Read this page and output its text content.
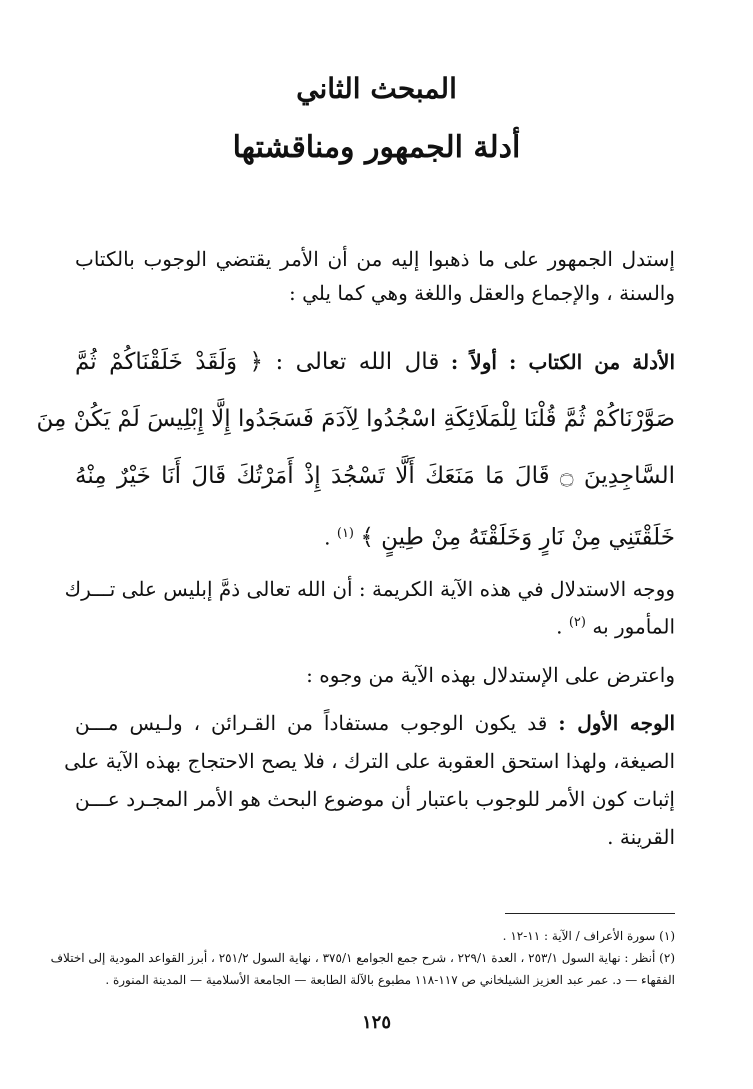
المبحث الثاني
أدلة الجمهور ومناقشتها
إستدل الجمهور على ما ذهبوا إليه من أن الأمر يقتضي الوجوب بالكتاب
والسنة ، والإجماع والعقل واللغة وهي كما يلي :
الأدلة من الكتاب : أولاً : قال الله تعالى : ﴿ وَلَقَدْ خَلَقْنَاكُمْ ثُمَّ
صَوَّرْنَاكُمْ ثُمَّ قُلْنَا لِلْمَلَائِكَةِ اسْجُدُوا لِآدَمَ فَسَجَدُوا إِلَّا إِبْلِيسَ لَمْ يَكُنْ مِنَ
السَّاجِدِينَ ۝ قَالَ مَا مَنَعَكَ أَلَّا تَسْجُدَ إِذْ أَمَرْتُكَ قَالَ أَنَا خَيْرٌ مِنْهُ
خَلَقْتَنِي مِنْ نَارٍ وَخَلَقْتَهُ مِنْ طِينٍ ﴾ $^{(١)}$ .
ووجه الاستدلال في هذه الآية الكريمة : أن الله تعالى ذمَّ إبليس على تـــرك
المأمور به $^{(٢)}$ .
واعترض على الإستدلال بهذه الآية من وجوه :
الوجه الأول : قد يكون الوجوب مستفاداً من القـرائن ، ولـيس مـــن
الصيغة، ولهذا استحق العقوبة على الترك ، فلا يصح الاحتجاج بهذه الآية على
إثبات كون الأمر للوجوب باعتبار أن موضوع البحث هو الأمر المجـرد عـــن
القرينة .
(١) سورة الأعراف / الآية : ١١-١٢ .
(٢) أنظر : نهاية السول ٢٥٣/١ ، العدة ٢٢٩/١ ، شرح جمع الجوامع ٣٧٥/١ ، نهاية السول ٢٥١/٢ ، أبرز القواعد المودية إلى اختلاف
الفقهاء — د. عمر عبد العزيز الشيلخاني ص ١١٧-١١٨ مطبوع بالآلة الطابعة — الجامعة الأسلامية — المدينة المنورة .
١٢٥
